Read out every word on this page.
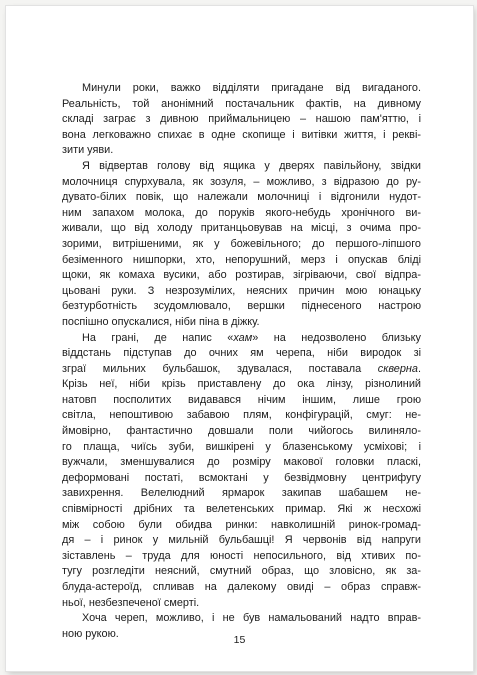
Минули роки, важко відділяти пригадане від вигаданого.
Реальність, той анонімний постачальник фактів, на дивному
складі заграє з дивною приймальницею – нашою пам'яттю, і
вона легковажно спихає в одне скопище і витівки життя, і рекві-
зити уяви.

Я відвертав голову від ящика у дверях павільйону, звідки
молочниця спурхувала, як зозуля, – можливо, з відразою до ру-
дувато-білих повік, що належали молочниці і відгонили нудот-
ним запахом молока, до поруків якого-небудь хронічного ви-
живали, що від холоду пританцьовував на місці, з очима про-
зорими, витрішеними, як у божевільного; до першого-ліпшого
безіменного нишпорки, хто, непорушний, мерз і опускав бліді
щоки, як комаха вусики, або розтирав, зігріваючи, свої відпра-
цьовані руки. З незрозумілих, неясних причин мою юнацьку
безтурботність зсудомлювало, вершки піднесеного настрою
поспішно опускалися, ніби піна в діжку.

На грані, де напис «хам» на недозволено близьку
віддстань підступав до очних ям черепа, ніби виродок зі
зграї мильних бульбашок, здувалася, поставала скверна.
Крізь неї, ніби крізь приставлену до ока лінзу, різнолиний
натовп посполитих видавався нічим іншим, лише грою
світла, непоштивою забавою плям, конфігурацій, смуг: не-
ймовірно, фантастично довшали поли чийогось вилиняло-
го плаща, чиїсь зуби, вишкірені у блазенському усміхові; і
вужчали, зменшувалися до розміру макової головки пласкі,
деформовані постаті, всмоктані у безвідмовну центрифугу
завихрення. Велелюдний ярмарок закипав шабашем не-
співмірності дрібних та велетенських примар. Які ж несхожі
між собою були обидва ринки: навколишній ринок-громад-
дя – і ринок у мильній бульбашці! Я червонів від напруги
зіставлень – труда для юності непосильного, від хтивих по-
тугу розгледіти неясний, смутний образ, що зловісно, як за-
блуда-астероїд, спливав на далекому овиді – образ справж-
ньої, незбезпеченої смерті.

Хоча череп, можливо, і не був намальований надто вправ-
ною рукою.

15
